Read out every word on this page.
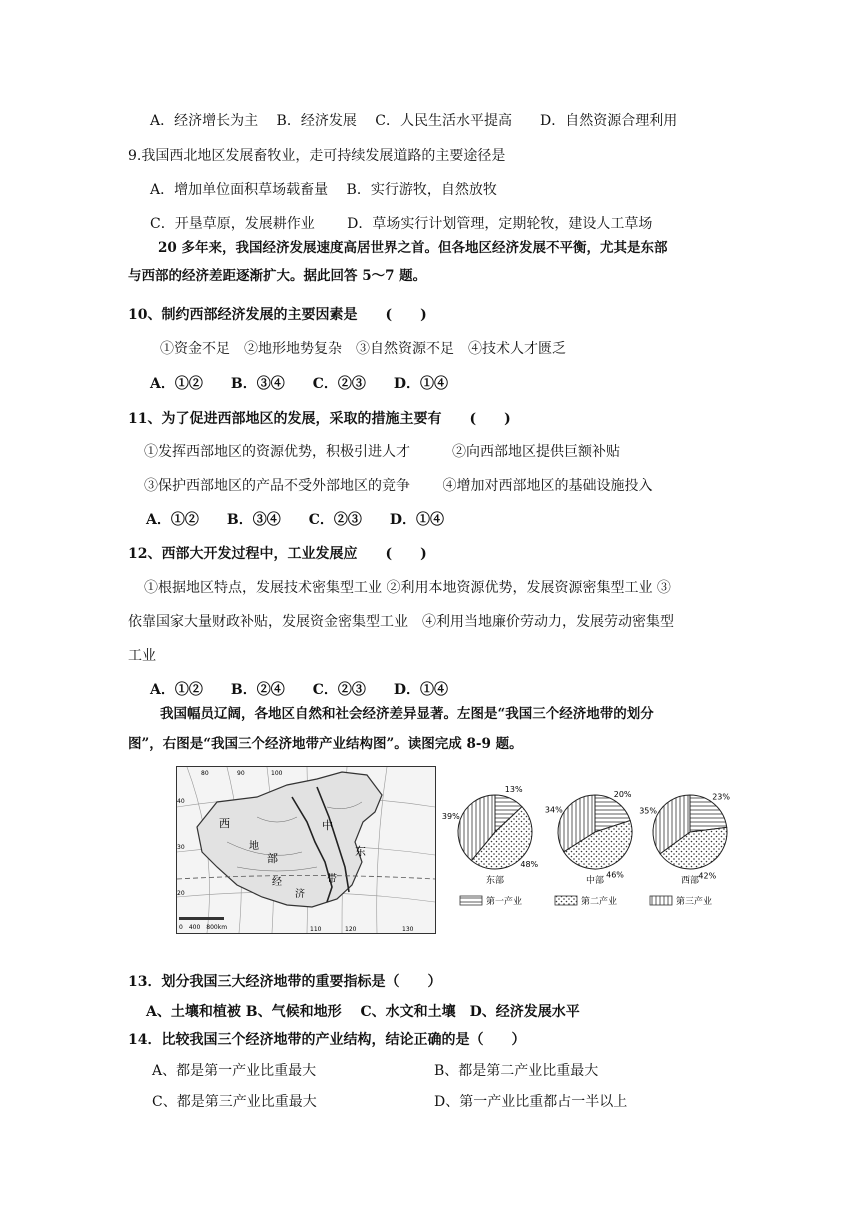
A．经济增长为主　 B．经济发展　 C．人民生活水平提高　　D．自然资源合理利用
9.我国西北地区发展畜牧业，走可持续发展道路的主要途径是
A．增加单位面积草场载畜量　 B．实行游牧，自然放牧
C．开垦草原，发展耕作业　　 D．草场实行计划管理，定期轮牧，建设人工草场
20 多年来，我国经济发展速度高居世界之首。但各地区经济发展不平衡，尤其是东部
与西部的经济差距逐渐扩大。据此回答 5～7 题。
10、制约西部经济发展的主要因素是　　(　　)
①资金不足　②地形地势复杂　③自然资源不足　④技术人才匮乏
A．①②　　B．③④　　C．②③　　D．①④
11、为了促进西部地区的发展，采取的措施主要有　　(　　)
①发挥西部地区的资源优势，积极引进人才　　　②向西部地区提供巨额补贴
③保护西部地区的产品不受外部地区的竞争　　 ④增加对西部地区的基础设施投入
A．①②　　B．③④　　C．②③　　D．①④
12、西部大开发过程中，工业发展应　　(　　)
①根据地区特点，发展技术密集型工业 ②利用本地资源优势，发展资源密集型工业 ③
依靠国家大量财政补贴，发展资金密集型工业　④利用当地廉价劳动力，发展劳动密集型
工业
A．①②　　B．②④　　C．②③　　D．①④
我国幅员辽阔，各地区自然和社会经济差异显著。左图是“我国三个经济地带的划分
图”，右图是“我国三个经济地带产业结构图”。读图完成 8-9 题。
西
部
中
东
经
济
带
地
0　400　800km
40
30
20
80	90	100
110	120	130
13%
48%
39%
东部
20%
46%
34%
中部
23%
42%
35%
西部
第一产业	第二产业	第三产业
13．划分我国三大经济地带的重要指标是（　　）
A、土壤和植被 B、气候和地形　 C、水文和土壤　D、经济发展水平
14．比较我国三个经济地带的产业结构，结论正确的是（　　）
A、都是第一产业比重最大	B、都是第二产业比重最大
C、都是第三产业比重最大	D、第一产业比重都占一半以上
